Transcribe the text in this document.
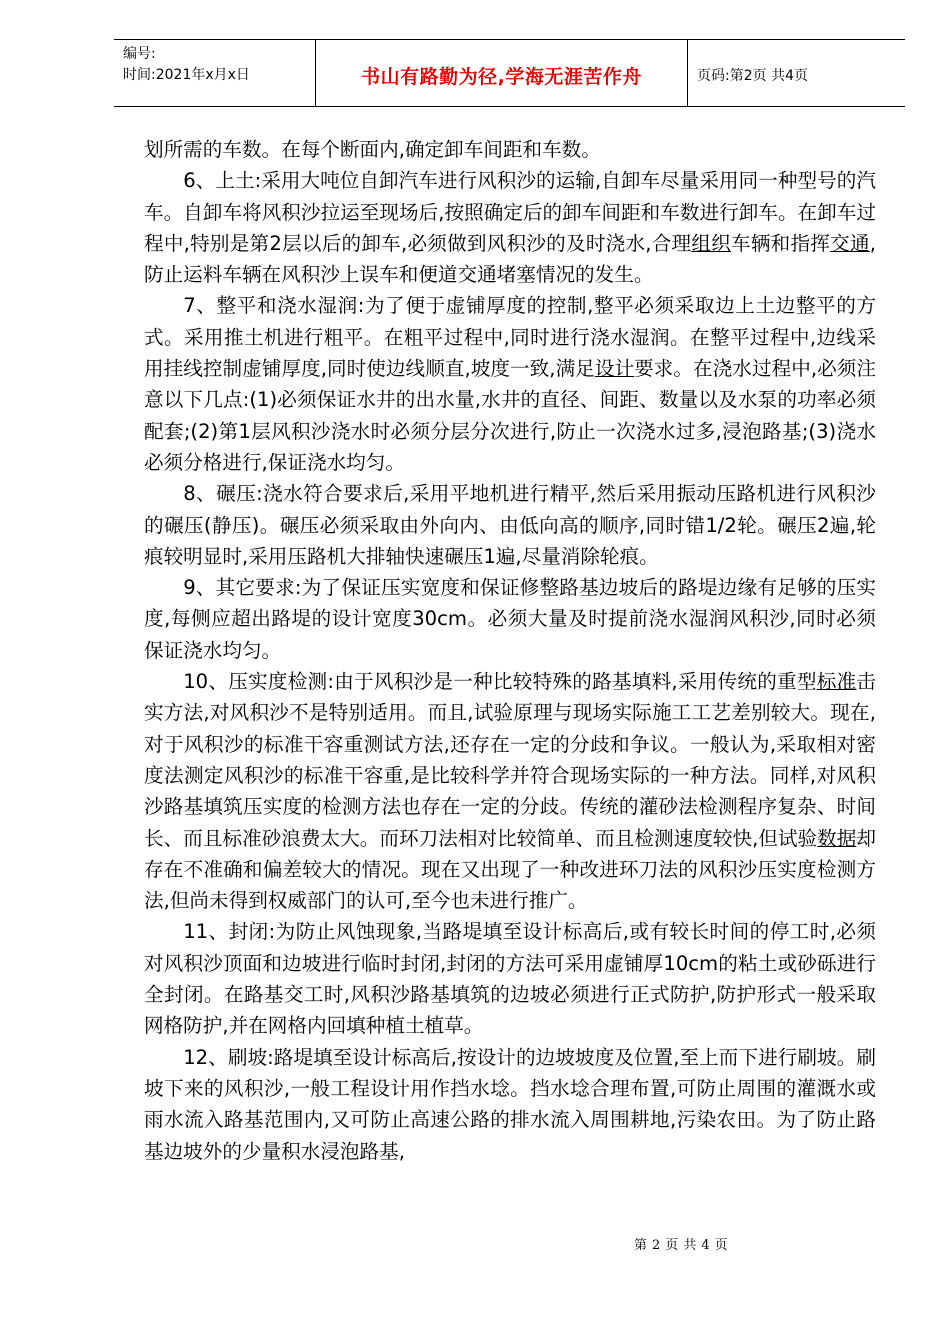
编号:
时间:2021年x月x日	书山有路勤为径,学海无涯苦作舟	页码:第2页 共4页

划所需的车数。在每个断面内,确定卸车间距和车数。

6、上土:采用大吨位自卸汽车进行风积沙的运输,自卸车尽量采用同一种型号的汽车。自卸车将风积沙拉运至现场后,按照确定后的卸车间距和车数进行卸车。在卸车过程中,特别是第2层以后的卸车,必须做到风积沙的及时浇水,合理组织车辆和指挥交通,防止运料车辆在风积沙上误车和便道交通堵塞情况的发生。

7、整平和浇水湿润:为了便于虚铺厚度的控制,整平必须采取边上土边整平的方式。采用推土机进行粗平。在粗平过程中,同时进行浇水湿润。在整平过程中,边线采用挂线控制虚铺厚度,同时使边线顺直,坡度一致,满足设计要求。在浇水过程中,必须注意以下几点:(1)必须保证水井的出水量,水井的直径、间距、数量以及水泵的功率必须配套;(2)第1层风积沙浇水时必须分层分次进行,防止一次浇水过多,浸泡路基;(3)浇水必须分格进行,保证浇水均匀。

8、碾压:浇水符合要求后,采用平地机进行精平,然后采用振动压路机进行风积沙的碾压(静压)。碾压必须采取由外向内、由低向高的顺序,同时错1/2轮。碾压2遍,轮痕较明显时,采用压路机大排轴快速碾压1遍,尽量消除轮痕。

9、其它要求:为了保证压实宽度和保证修整路基边坡后的路堤边缘有足够的压实度,每侧应超出路堤的设计宽度30cm。必须大量及时提前浇水湿润风积沙,同时必须保证浇水均匀。

10、压实度检测:由于风积沙是一种比较特殊的路基填料,采用传统的重型标准击实方法,对风积沙不是特别适用。而且,试验原理与现场实际施工工艺差别较大。现在,对于风积沙的标准干容重测试方法,还存在一定的分歧和争议。一般认为,采取相对密度法测定风积沙的标准干容重,是比较科学并符合现场实际的一种方法。同样,对风积沙路基填筑压实度的检测方法也存在一定的分歧。传统的灌砂法检测程序复杂、时间长、而且标准砂浪费太大。而环刀法相对比较简单、而且检测速度较快,但试验数据却存在不准确和偏差较大的情况。现在又出现了一种改进环刀法的风积沙压实度检测方法,但尚未得到权威部门的认可,至今也未进行推广。

11、封闭:为防止风蚀现象,当路堤填至设计标高后,或有较长时间的停工时,必须对风积沙顶面和边坡进行临时封闭,封闭的方法可采用虚铺厚10cm的粘土或砂砾进行全封闭。在路基交工时,风积沙路基填筑的边坡必须进行正式防护,防护形式一般采取网格防护,并在网格内回填种植土植草。

12、刷坡:路堤填至设计标高后,按设计的边坡坡度及位置,至上而下进行刷坡。刷坡下来的风积沙,一般工程设计用作挡水埝。挡水埝合理布置,可防止周围的灌溉水或雨水流入路基范围内,又可防止高速公路的排水流入周围耕地,污染农田。为了防止路基边坡外的少量积水浸泡路基,

第 2 页 共 4 页
